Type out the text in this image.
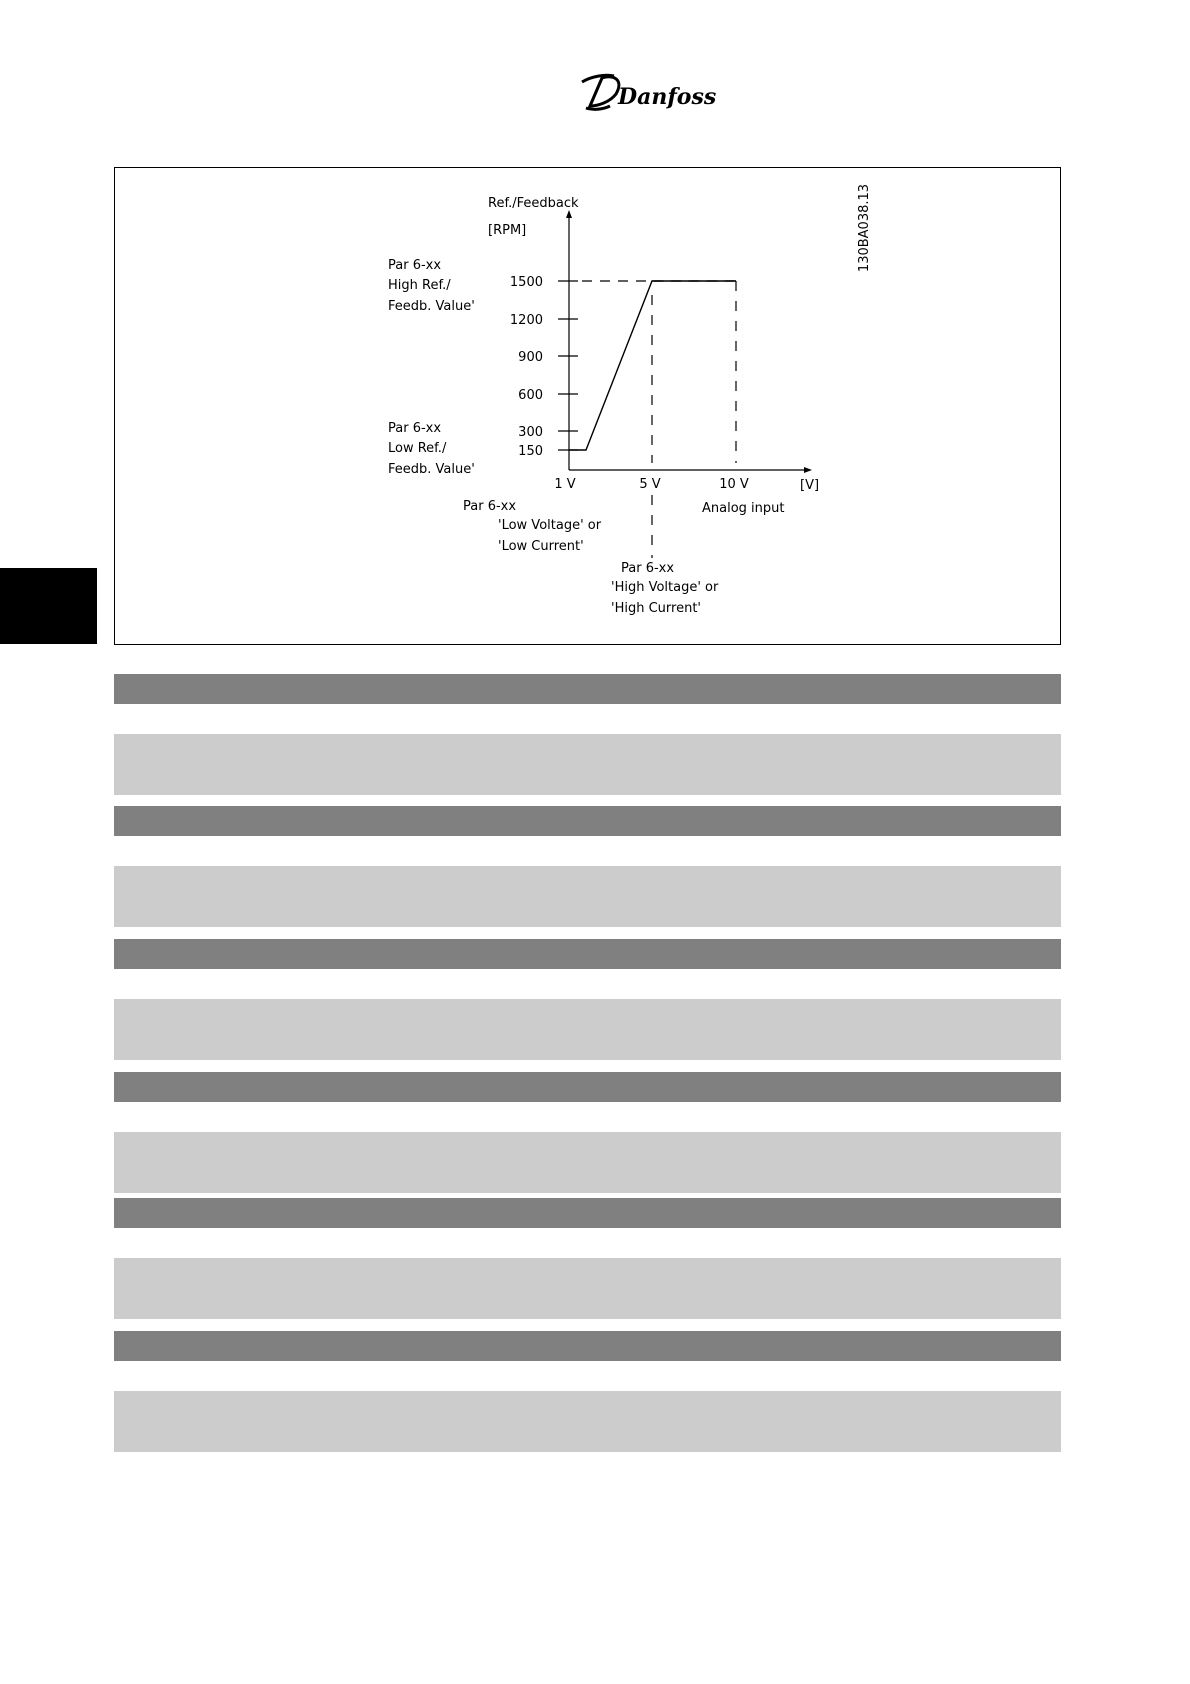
Danfoss
1500
1200
900
600
300
150
Ref./Feedback
[RPM]	130BA038.13
Par 6-xx
High Ref./
Feedb. Value'
Par 6-xx
Low Ref./
Feedb. Value'
1 V	5 V	10 V	[V]
Analog input
Par 6-xx
'Low Voltage' or
'Low Current'
Par 6-xx
'High Voltage' or
'High Current'
